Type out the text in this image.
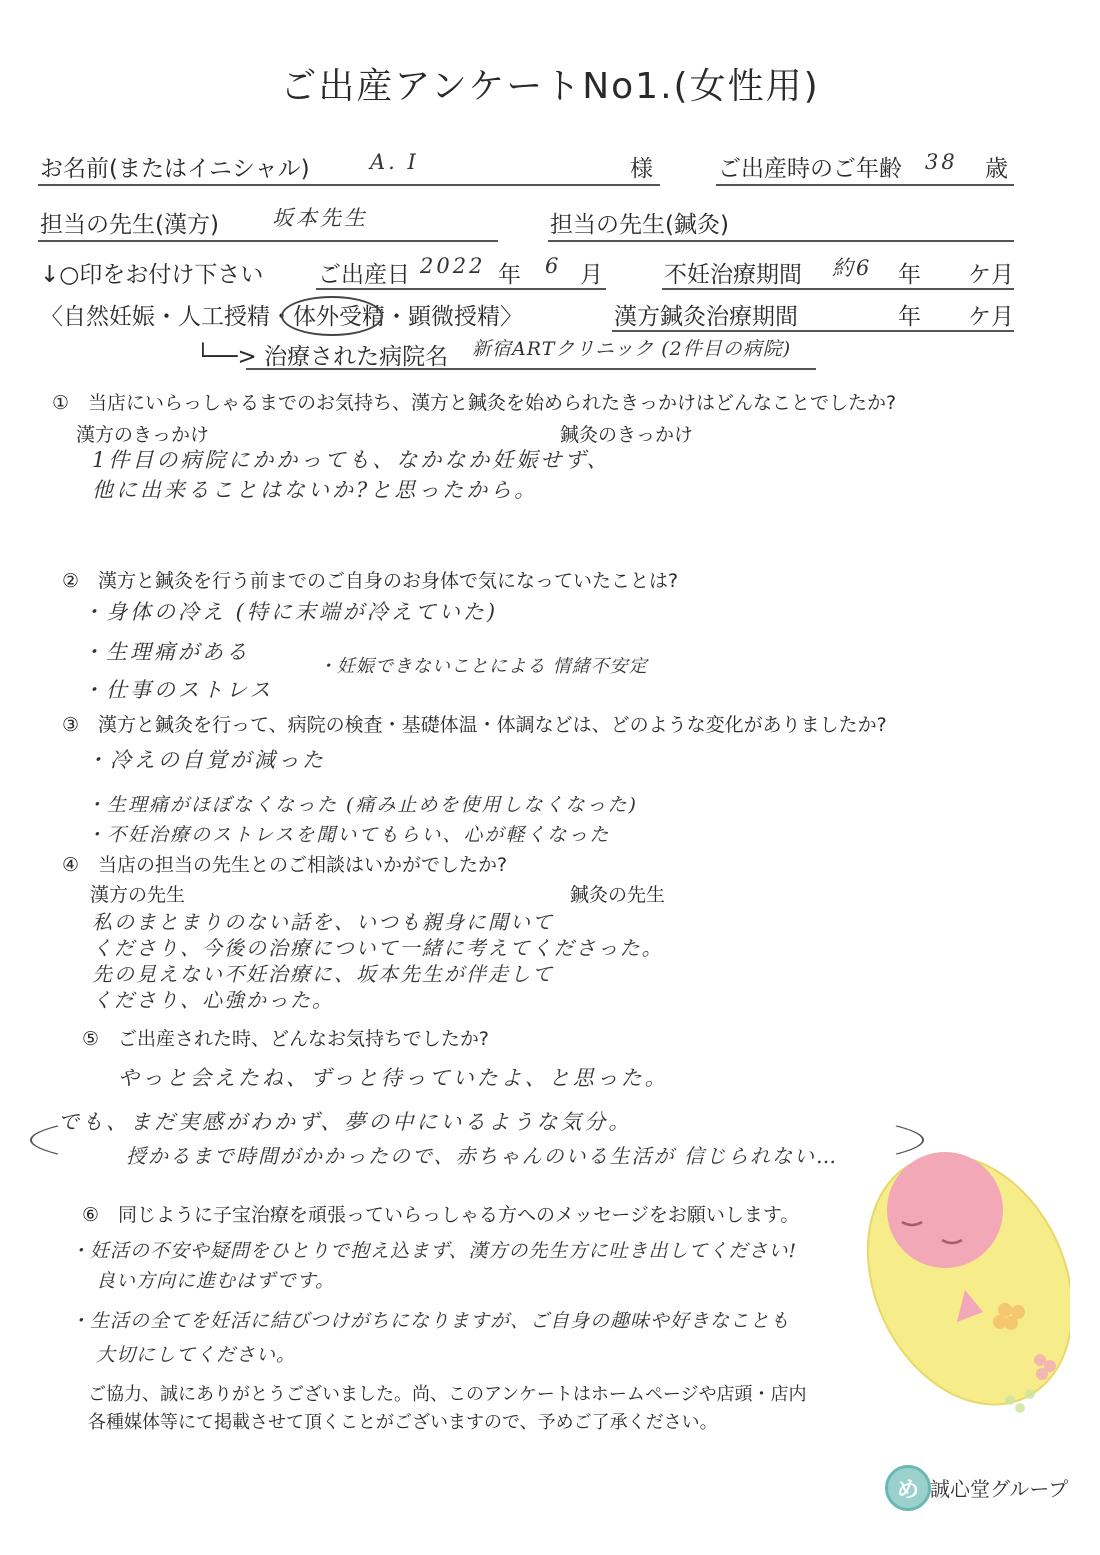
ご出産アンケートNo1.(女性用)
お名前(またはイニシャル)	A. I	様	ご出産時のご年齢 38 歳
担当の先生(漢方)	坂本先生	担当の先生(鍼灸)
↓○印をお付け下さい ご出産日 2022 年 6 月	不妊治療期間 約6 年 ケ月
〈自然妊娠・人工授精・体外受精・顕微授精〉	漢方鍼灸治療期間	年 ケ月
└──> 治療された病院名 新宿ARTクリニック (2件目の病院)
①　当店にいらっしゃるまでのお気持ち、漢方と鍼灸を始められたきっかけはどんなことでしたか?
漢方のきっかけ	鍼灸のきっかけ
1件目の病院にかかっても、なかなか妊娠せず、
他に出来ることはないか?と思ったから。
②　漢方と鍼灸を行う前までのご自身のお身体で気になっていたことは?
・身体の冷え (特に末端が冷えていた)
・生理痛がある
・仕事のストレス
・妊娠できないことによる 情緒不安定
③　漢方と鍼灸を行って、病院の検査・基礎体温・体調などは、どのような変化がありましたか?
・冷えの自覚が減った
・生理痛がほぼなくなった (痛み止めを使用しなくなった)
・不妊治療のストレスを聞いてもらい、心が軽くなった
④　当店の担当の先生とのご相談はいかがでしたか?
漢方の先生	鍼灸の先生
私のまとまりのない話を、いつも親身に聞いて
くださり、今後の治療について一緒に考えてくださった。
先の見えない不妊治療に、坂本先生が伴走して
くださり、心強かった。
⑤　ご出産された時、どんなお気持ちでしたか?
やっと会えたね、ずっと待っていたよ、と思った。
でも、まだ実感がわかず、夢の中にいるような気分。
授かるまで時間がかかったので、赤ちゃんのいる生活が 信じられない…
⑥　同じように子宝治療を頑張っていらっしゃる方へのメッセージをお願いします。
・妊活の不安や疑問をひとりで抱え込まず、漢方の先生方に吐き出してください!
良い方向に進むはずです。
・生活の全てを妊活に結びつけがちになりますが、ご自身の趣味や好きなことも
大切にしてください。
ご協力、誠にありがとうございました。尚、このアンケートはホームページや店頭・店内
各種媒体等にて掲載させて頂くことがございますので、予めご了承ください。
め 誠心堂グループ
